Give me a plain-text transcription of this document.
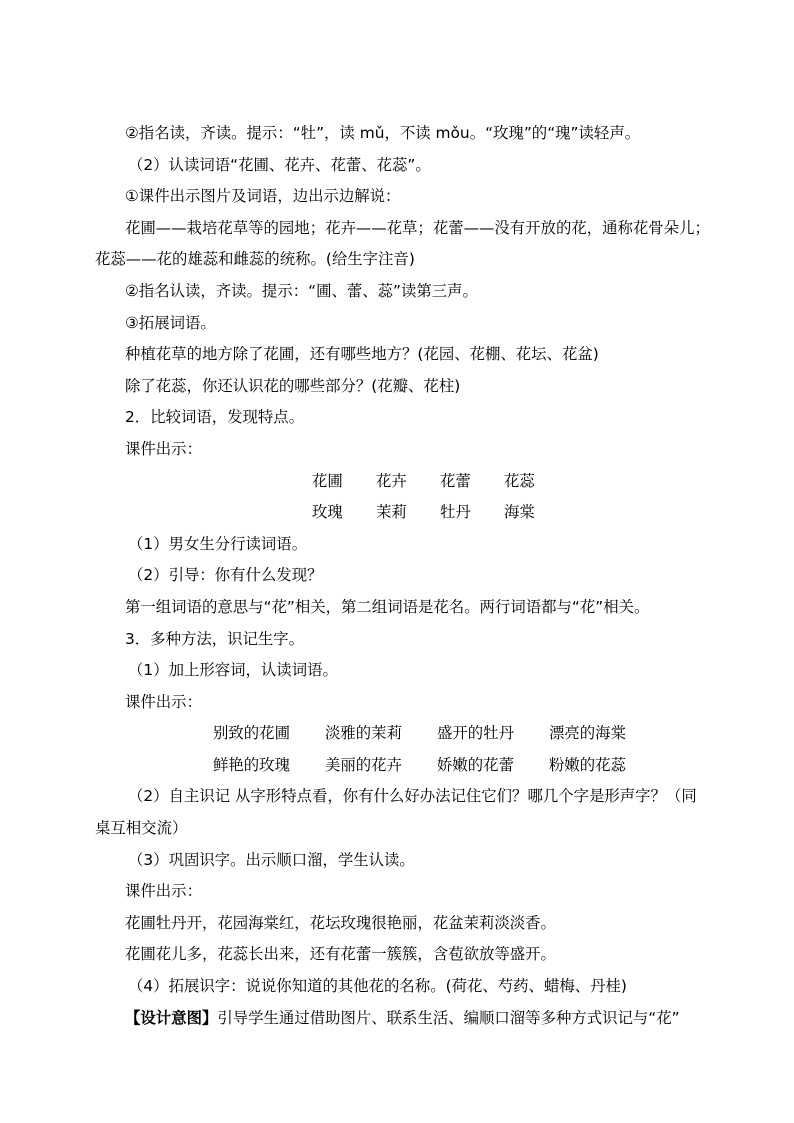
②指名读，齐读。提示：“牡”，读 mǔ，不读 mǒu。“玫瑰”的“瑰”读轻声。
（2）认读词语“花圃、花卉、花蕾、花蕊”。
①课件出示图片及词语，边出示边解说：
花圃——栽培花草等的园地；花卉——花草；花蕾——没有开放的花，通称花骨朵儿；
花蕊——花的雄蕊和雌蕊的统称。(给生字注音)
②指名认读，齐读。提示：“圃、蕾、蕊”读第三声。
③拓展词语。
种植花草的地方除了花圃，还有哪些地方？(花园、花棚、花坛、花盆)
除了花蕊，你还认识花的哪些部分？(花瓣、花柱)
2．比较词语，发现特点。
课件出示：
花圃	花卉	花蕾	花蕊
玫瑰	茉莉	牡丹	海棠
（1）男女生分行读词语。
（2）引导：你有什么发现？
第一组词语的意思与“花”相关，第二组词语是花名。两行词语都与“花”相关。
3．多种方法，识记生字。
（1）加上形容词，认读词语。
课件出示：
别致的花圃	淡雅的茉莉	盛开的牡丹	漂亮的海棠
鲜艳的玫瑰	美丽的花卉	娇嫩的花蕾	粉嫩的花蕊
（2）自主识记 从字形特点看，你有什么好办法记住它们？哪几个字是形声字？（同
桌互相交流）
（3）巩固识字。出示顺口溜，学生认读。
课件出示：
花圃牡丹开，花园海棠红，花坛玫瑰很艳丽，花盆茉莉淡淡香。
花圃花儿多，花蕊长出来，还有花蕾一簇簇，含苞欲放等盛开。
（4）拓展识字：说说你知道的其他花的名称。(荷花、芍药、蜡梅、丹桂)
【设计意图】引导学生通过借助图片、联系生活、编顺口溜等多种方式识记与“花”
